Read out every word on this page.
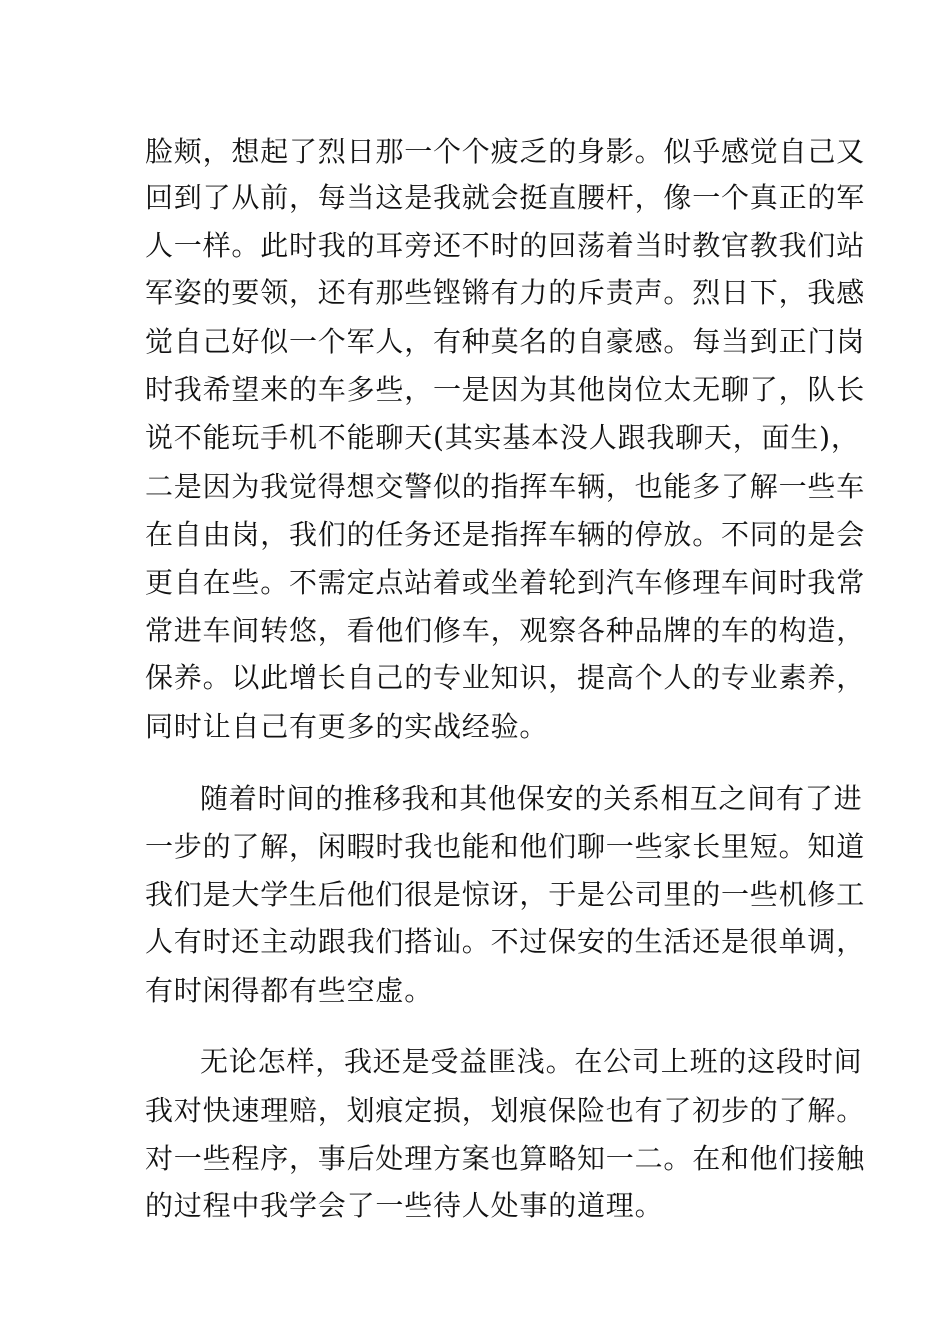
脸颊，想起了烈日那一个个疲乏的身影。似乎感觉自己又
回到了从前，每当这是我就会挺直腰杆，像一个真正的军
人一样。此时我的耳旁还不时的回荡着当时教官教我们站
军姿的要领，还有那些铿锵有力的斥责声。烈日下，我感
觉自己好似一个军人，有种莫名的自豪感。每当到正门岗
时我希望来的车多些，一是因为其他岗位太无聊了，队长
说不能玩手机不能聊天(其实基本没人跟我聊天，面生)，
二是因为我觉得想交警似的指挥车辆，也能多了解一些车
在自由岗，我们的任务还是指挥车辆的停放。不同的是会
更自在些。不需定点站着或坐着轮到汽车修理车间时我常
常进车间转悠，看他们修车，观察各种品牌的车的构造，
保养。以此增长自己的专业知识，提高个人的专业素养，
同时让自己有更多的实战经验。
随着时间的推移我和其他保安的关系相互之间有了进
一步的了解，闲暇时我也能和他们聊一些家长里短。知道
我们是大学生后他们很是惊讶，于是公司里的一些机修工
人有时还主动跟我们搭讪。不过保安的生活还是很单调，
有时闲得都有些空虚。
无论怎样，我还是受益匪浅。在公司上班的这段时间
我对快速理赔，划痕定损，划痕保险也有了初步的了解。
对一些程序，事后处理方案也算略知一二。在和他们接触
的过程中我学会了一些待人处事的道理。
